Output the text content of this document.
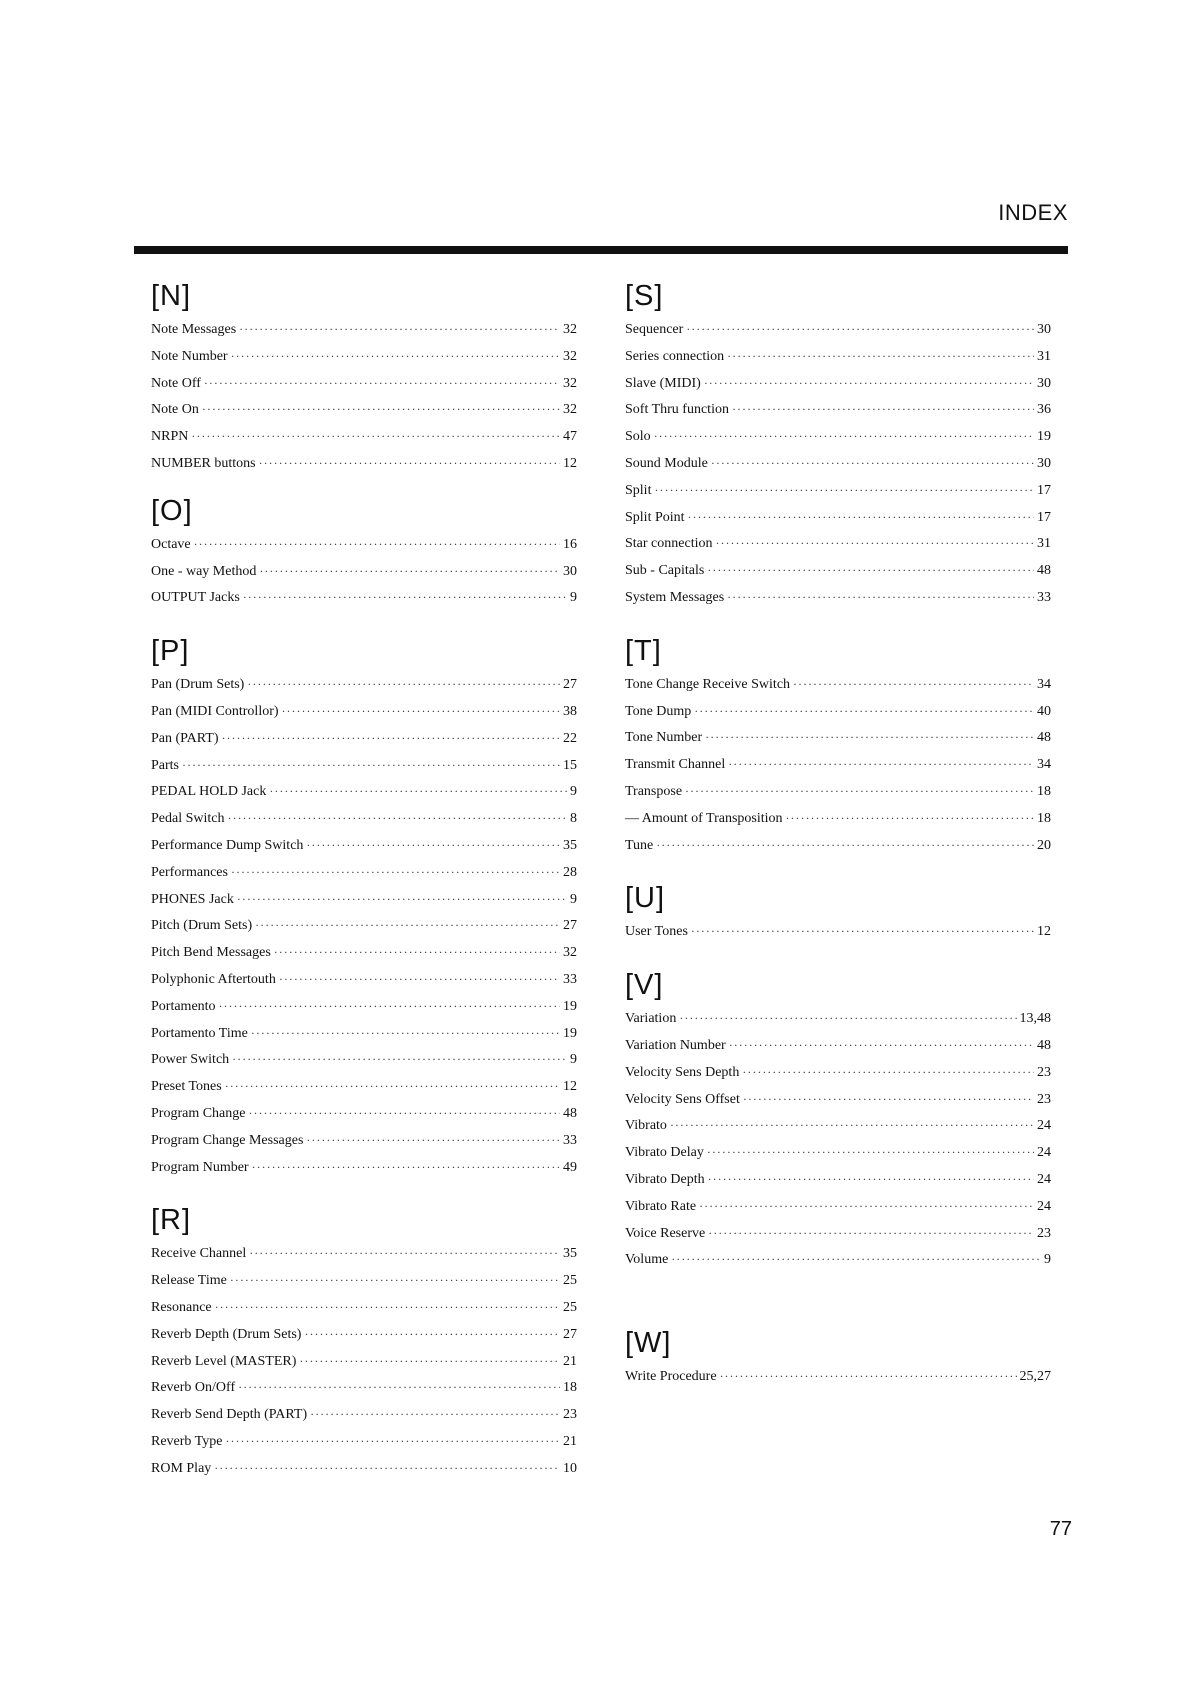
INDEX
[N]
Note Messages ·····	32
Note Number ·····	32
Note Off ·····	32
Note On ·····	32
NRPN ·····	47
NUMBER buttons ·····	12
[O]
Octave ·····	16
One - way Method ·····	30
OUTPUT Jacks ·····	9
[P]
Pan (Drum Sets) ·····	27
Pan (MIDI Controllor) ·····	38
Pan (PART) ·····	22
Parts ·····	15
PEDAL HOLD Jack ·····	9
Pedal Switch ·····	8
Performance Dump Switch ·····	35
Performances ·····	28
PHONES Jack ·····	9
Pitch (Drum Sets) ·····	27
Pitch Bend Messages ·····	32
Polyphonic Aftertouth ·····	33
Portamento ·····	19
Portamento Time ·····	19
Power Switch ·····	9
Preset Tones ·····	12
Program Change ·····	48
Program Change Messages ·····	33
Program Number ·····	49
[R]
Receive Channel ·····	35
Release Time ·····	25
Resonance ·····	25
Reverb Depth (Drum Sets) ·····	27
Reverb Level (MASTER) ·····	21
Reverb On/Off ·····	18
Reverb Send Depth (PART) ·····	23
Reverb Type ·····	21
ROM Play ·····	10
[S]
Sequencer ·····	30
Series connection ·····	31
Slave (MIDI) ·····	30
Soft Thru function ·····	36
Solo ·····	19
Sound Module ·····	30
Split ·····	17
Split Point ·····	17
Star connection ·····	31
Sub - Capitals ·····	48
System Messages ·····	33
[T]
Tone Change Receive Switch ·····	34
Tone Dump ·····	40
Tone Number ·····	48
Transmit Channel ·····	34
Transpose ·····	18
— Amount of Transposition ·····	18
Tune ·····	20
[U]
User Tones ·····	12
[V]
Variation ·····	13,48
Variation Number ·····	48
Velocity Sens Depth ·····	23
Velocity Sens Offset ·····	23
Vibrato ·····	24
Vibrato Delay ·····	24
Vibrato Depth ·····	24
Vibrato Rate ·····	24
Voice Reserve ·····	23
Volume ·····	9
[W]
Write Procedure ·····	25,27
77
